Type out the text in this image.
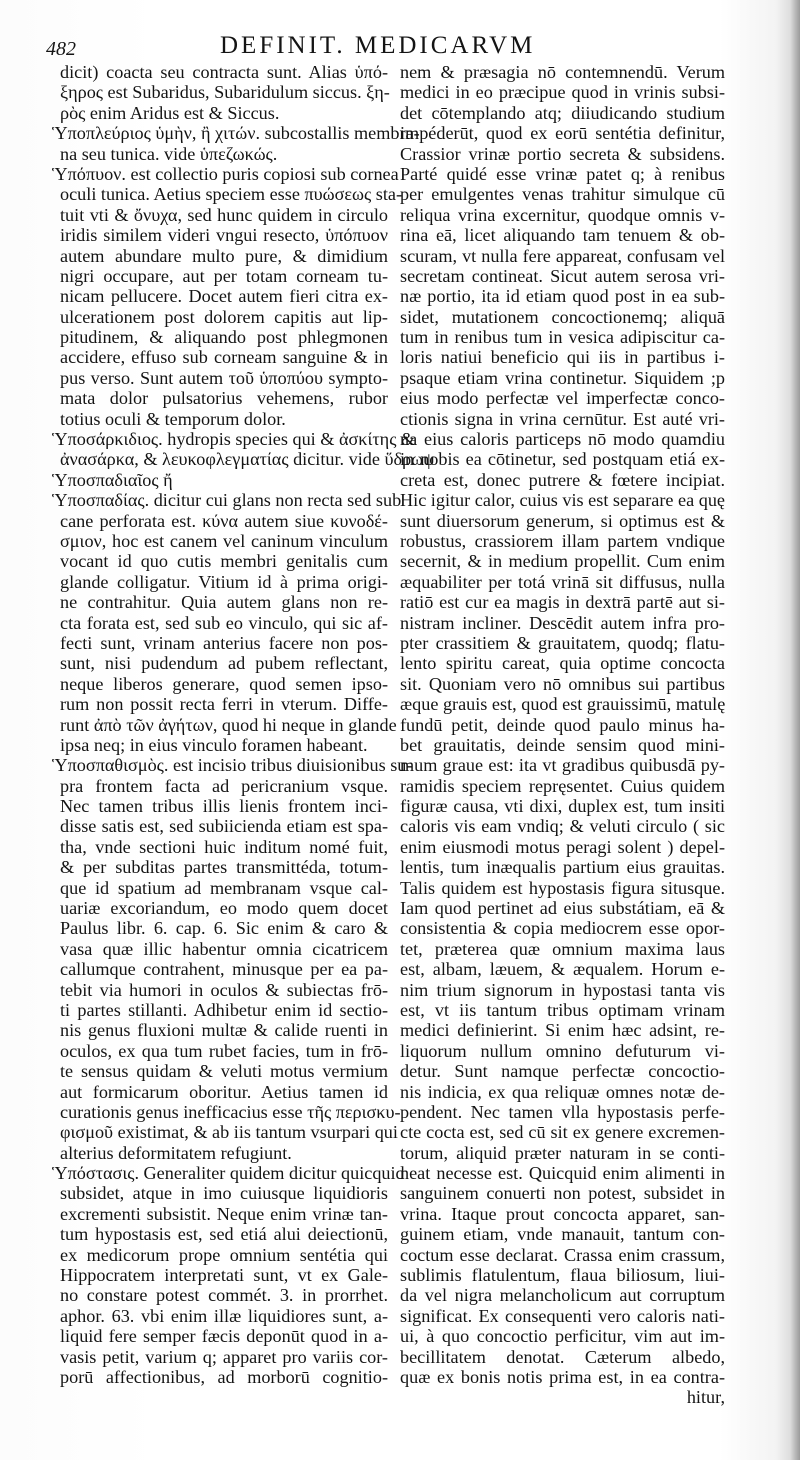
482	DEFINIT. MEDICARVM
dicit) coacta seu contracta sunt. Alias ὑπό-
ξηρος est Subaridus, Subaridulum siccus. ξη-
ρὸς enim Aridus est & Siccus.
Ὑποπλεύριος ὑμὴν, ἢ χιτών. subcostallis membra-
na seu tunica. vide ὑπεζωκώς.
Ὑπόπυον. est collectio puris copiosi sub cornea
oculi tunica. Aetius speciem esse πυώσεως sta-
tuit vti & ὄνυχα, sed hunc quidem in circulo
iridis similem videri vngui resecto, ὑπόπυον
autem abundare multo pure, & dimidium
nigri occupare, aut per totam corneam tu-
nicam pellucere. Docet autem fieri citra ex-
ulcerationem post dolorem capitis aut lip-
pitudinem, & aliquando post phlegmonen
accidere, effuso sub corneam sanguine & in
pus verso. Sunt autem τοῦ ὑποπύου sympto-
mata dolor pulsatorius vehemens, rubor
totius oculi & temporum dolor.
Ὑποσάρκιδιος. hydropis species qui & ἀσκίτης &
ἀνασάρκα, & λευκοφλεγματίας dicitur. vide ὕδρωψ
Ὑποσπαδιαῖος ἤ
Ὑποσπαδίας. dicitur cui glans non recta sed sub
cane perforata est. κύνα autem siue κυνοδέ-
σμιον, hoc est canem vel caninum vinculum
vocant id quo cutis membri genitalis cum
glande colligatur. Vitium id à prima origi-
ne contrahitur. Quia autem glans non re-
cta forata est, sed sub eo vinculo, qui sic af-
fecti sunt, vrinam anterius facere non pos-
sunt, nisi pudendum ad pubem reflectant,
neque liberos generare, quod semen ipso-
rum non possit recta ferri in vterum. Diffe-
runt ἀπὸ τῶν ἀγήτων, quod hi neque in glande
ipsa neq; in eius vinculo foramen habeant.
Ὑποσπαθισμὸς. est incisio tribus diuisionibus su-
pra frontem facta ad pericranium vsque.
Nec tamen tribus illis lienis frontem inci-
disse satis est, sed subiicienda etiam est spa-
tha, vnde sectioni huic inditum nomé fuit,
& per subditas partes transmittéda, totum-
que id spatium ad membranam vsque cal-
uariæ excoriandum, eo modo quem docet
Paulus libr. 6. cap. 6. Sic enim & caro &
vasa quæ illic habentur omnia cicatricem
callumque contrahent, minusque per ea pa-
tebit via humori in oculos & subiectas frō-
ti partes stillanti. Adhibetur enim id sectio-
nis genus fluxioni multæ & calide ruenti in
oculos, ex qua tum rubet facies, tum in frō-
te sensus quidam & veluti motus vermium
aut formicarum oboritur. Aetius tamen id
curationis genus inefficacius esse τῆς περισκυ-
φισμοῦ existimat, & ab iis tantum vsurpari qui
alterius deformitatem refugiunt.
Ὑπόστασις. Generaliter quidem dicitur quicquid
subsidet, atque in imo cuiusque liquidioris
excrementi subsistit. Neque enim vrinæ tan-
tum hypostasis est, sed etiá alui deiectionū,
ex medicorum prope omnium sentétia qui
Hippocratem interpretati sunt, vt ex Gale-
no constare potest commét. 3. in prorrhet.
aphor. 63. vbi enim illæ liquidiores sunt, a-
liquid fere semper fæcis deponūt quod in a-
vasis petit, varium q; apparet pro variis cor-
porū affectionibus, ad morborū cognitio-
nem & præsagia nō contemnendū. Verum
medici in eo præcipue quod in vrinis subsi-
det cōtemplando atq; diiudicando studium
impéderūt, quod ex eorū sentétia definitur,
Crassior vrinæ portio secreta & subsidens.
Parté quidé esse vrinæ patet q; à renibus
per emulgentes venas trahitur simulque cū
reliqua vrina excernitur, quodque omnis v-
rina eā, licet aliquando tam tenuem & ob-
scuram, vt nulla fere appareat, confusam vel
secretam contineat. Sicut autem serosa vri-
næ portio, ita id etiam quod post in ea sub-
sidet, mutationem concoctionemq; aliquā
tum in renibus tum in vesica adipiscitur ca-
loris natiui beneficio qui iis in partibus i-
psaque etiam vrina continetur. Siquidem ;p
eius modo perfectæ vel imperfectæ conco-
ctionis signa in vrina cernūtur. Est auté vri-
na eius caloris particeps nō modo quamdiu
in nobis ea cōtinetur, sed postquam etiá ex-
creta est, donec putrere & fœtere incipiat.
Hic igitur calor, cuius vis est separare ea quę
sunt diuersorum generum, si optimus est &
robustus, crassiorem illam partem vndique
secernit, & in medium propellit. Cum enim
æquabiliter per totá vrinā sit diffusus, nulla
ratiō est cur ea magis in dextrā partē aut si-
nistram incliner. Descēdit autem infra pro-
pter crassitiem & grauitatem, quodq; flatu-
lento spiritu careat, quia optime concocta
sit. Quoniam vero nō omnibus sui partibus
æque grauis est, quod est grauissimū, matulę
fundū petit, deinde quod paulo minus ha-
bet grauitatis, deinde sensim quod mini-
mum graue est: ita vt gradibus quibusdā py-
ramidis speciem repręsentet. Cuius quidem
figuræ causa, vti dixi, duplex est, tum insiti
caloris vis eam vndiq; & veluti circulo ( sic
enim eiusmodi motus peragi solent ) depel-
lentis, tum inæqualis partium eius grauitas.
Talis quidem est hypostasis figura situsque.
Iam quod pertinet ad eius substátiam, eā &
consistentia & copia mediocrem esse opor-
tet, præterea quæ omnium maxima laus
est, albam, læuem, & æqualem. Horum e-
nim trium signorum in hypostasi tanta vis
est, vt iis tantum tribus optimam vrinam
medici definierint. Si enim hæc adsint, re-
liquorum nullum omnino defuturum vi-
detur. Sunt namque perfectæ concoctio-
nis indicia, ex qua reliquæ omnes notæ de-
pendent. Nec tamen vlla hypostasis perfe-
cte cocta est, sed cū sit ex genere excremen-
torum, aliquid præter naturam in se conti-
neat necesse est. Quicquid enim alimenti in
sanguinem conuerti non potest, subsidet in
vrina. Itaque prout concocta apparet, san-
guinem etiam, vnde manauit, tantum con-
coctum esse declarat. Crassa enim crassum,
sublimis flatulentum, flaua biliosum, liui-
da vel nigra melancholicum aut corruptum
significat. Ex consequenti vero caloris nati-
ui, à quo concoctio perficitur, vim aut im-
becillitatem denotat. Cæterum albedo,
quæ ex bonis notis prima est, in ea contra-
hitur,
